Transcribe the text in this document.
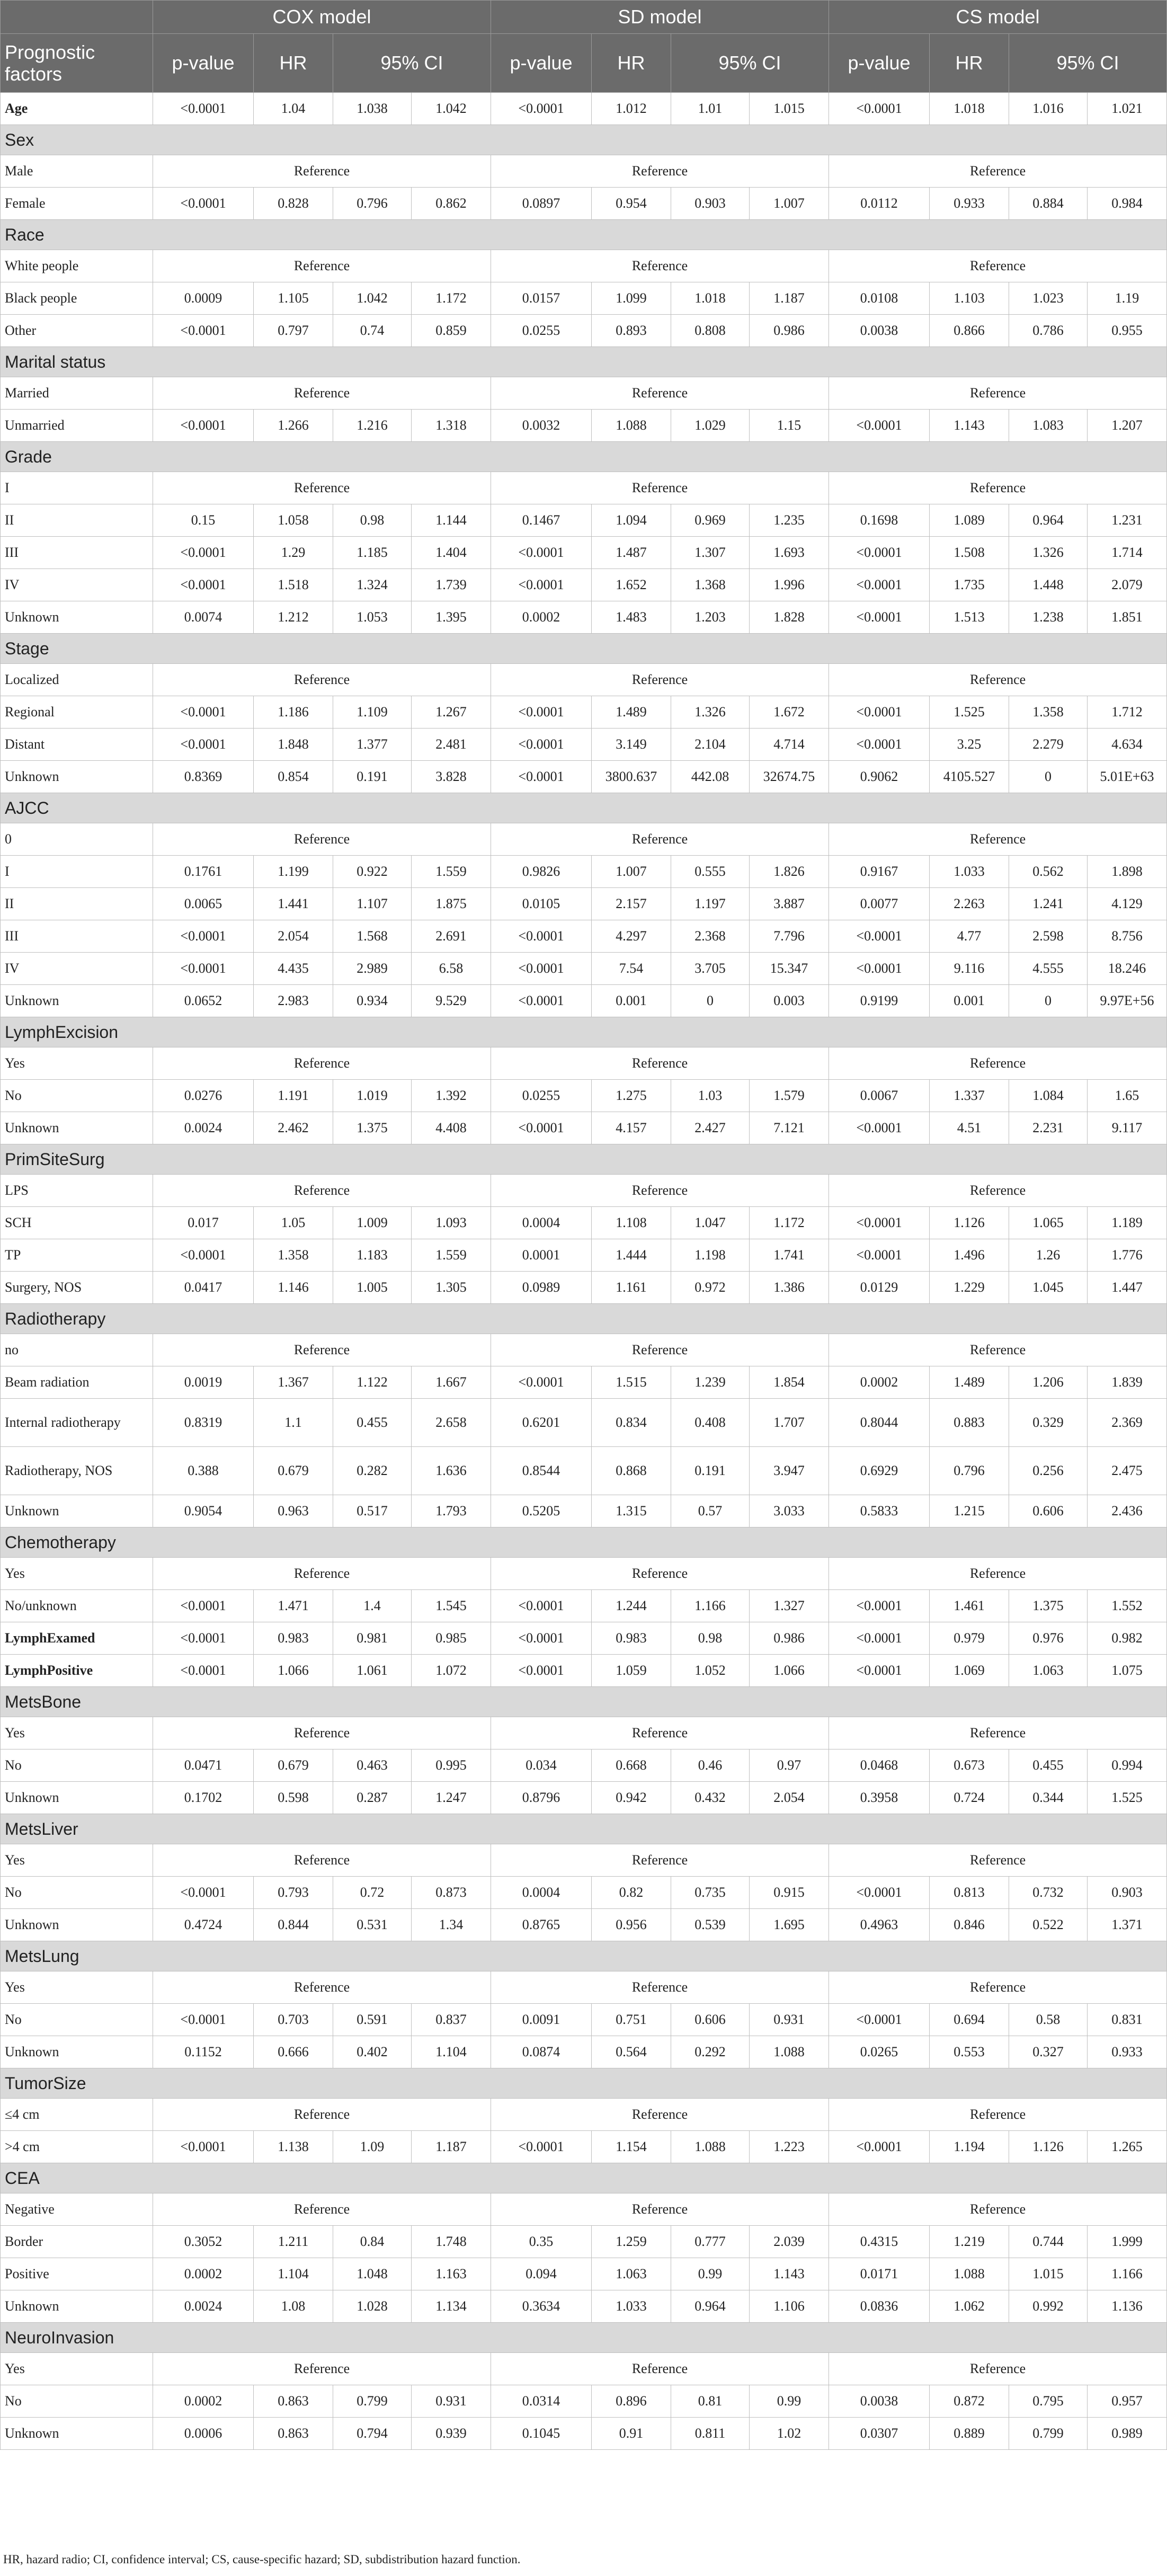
	COX model				SD model				CS model			
Prognostic factors	p-value	HR	95% CI		p-value	HR	95% CI		p-value	HR	95% CI	
Age	<0.0001	1.04	1.038	1.042	<0.0001	1.012	1.01	1.015	<0.0001	1.018	1.016	1.021
Sex												
Male	Reference				Reference				Reference			
Female	<0.0001	0.828	0.796	0.862	0.0897	0.954	0.903	1.007	0.0112	0.933	0.884	0.984
Race												
White people	Reference				Reference				Reference			
Black people	0.0009	1.105	1.042	1.172	0.0157	1.099	1.018	1.187	0.0108	1.103	1.023	1.19
Other	<0.0001	0.797	0.74	0.859	0.0255	0.893	0.808	0.986	0.0038	0.866	0.786	0.955
Marital status												
Married	Reference				Reference				Reference			
Unmarried	<0.0001	1.266	1.216	1.318	0.0032	1.088	1.029	1.15	<0.0001	1.143	1.083	1.207
Grade												
I	Reference				Reference				Reference			
II	0.15	1.058	0.98	1.144	0.1467	1.094	0.969	1.235	0.1698	1.089	0.964	1.231
III	<0.0001	1.29	1.185	1.404	<0.0001	1.487	1.307	1.693	<0.0001	1.508	1.326	1.714
IV	<0.0001	1.518	1.324	1.739	<0.0001	1.652	1.368	1.996	<0.0001	1.735	1.448	2.079
Unknown	0.0074	1.212	1.053	1.395	0.0002	1.483	1.203	1.828	<0.0001	1.513	1.238	1.851
Stage												
Localized	Reference				Reference				Reference			
Regional	<0.0001	1.186	1.109	1.267	<0.0001	1.489	1.326	1.672	<0.0001	1.525	1.358	1.712
Distant	<0.0001	1.848	1.377	2.481	<0.0001	3.149	2.104	4.714	<0.0001	3.25	2.279	4.634
Unknown	0.8369	0.854	0.191	3.828	<0.0001	3800.637	442.08	32674.75	0.9062	4105.527	0	5.01E+63
AJCC												
0	Reference				Reference				Reference			
I	0.1761	1.199	0.922	1.559	0.9826	1.007	0.555	1.826	0.9167	1.033	0.562	1.898
II	0.0065	1.441	1.107	1.875	0.0105	2.157	1.197	3.887	0.0077	2.263	1.241	4.129
III	<0.0001	2.054	1.568	2.691	<0.0001	4.297	2.368	7.796	<0.0001	4.77	2.598	8.756
IV	<0.0001	4.435	2.989	6.58	<0.0001	7.54	3.705	15.347	<0.0001	9.116	4.555	18.246
Unknown	0.0652	2.983	0.934	9.529	<0.0001	0.001	0	0.003	0.9199	0.001	0	9.97E+56
LymphExcision												
Yes	Reference				Reference				Reference			
No	0.0276	1.191	1.019	1.392	0.0255	1.275	1.03	1.579	0.0067	1.337	1.084	1.65
Unknown	0.0024	2.462	1.375	4.408	<0.0001	4.157	2.427	7.121	<0.0001	4.51	2.231	9.117
PrimSiteSurg												
LPS	Reference				Reference				Reference			
SCH	0.017	1.05	1.009	1.093	0.0004	1.108	1.047	1.172	<0.0001	1.126	1.065	1.189
TP	<0.0001	1.358	1.183	1.559	0.0001	1.444	1.198	1.741	<0.0001	1.496	1.26	1.776
Surgery, NOS	0.0417	1.146	1.005	1.305	0.0989	1.161	0.972	1.386	0.0129	1.229	1.045	1.447
Radiotherapy												
no	Reference				Reference				Reference			
Beam radiation	0.0019	1.367	1.122	1.667	<0.0001	1.515	1.239	1.854	0.0002	1.489	1.206	1.839
Internal radiotherapy	0.8319	1.1	0.455	2.658	0.6201	0.834	0.408	1.707	0.8044	0.883	0.329	2.369
Radiotherapy, NOS	0.388	0.679	0.282	1.636	0.8544	0.868	0.191	3.947	0.6929	0.796	0.256	2.475
Unknown	0.9054	0.963	0.517	1.793	0.5205	1.315	0.57	3.033	0.5833	1.215	0.606	2.436
Chemotherapy												
Yes	Reference				Reference				Reference			
No/unknown	<0.0001	1.471	1.4	1.545	<0.0001	1.244	1.166	1.327	<0.0001	1.461	1.375	1.552
LymphExamed	<0.0001	0.983	0.981	0.985	<0.0001	0.983	0.98	0.986	<0.0001	0.979	0.976	0.982
LymphPositive	<0.0001	1.066	1.061	1.072	<0.0001	1.059	1.052	1.066	<0.0001	1.069	1.063	1.075
MetsBone												
Yes	Reference				Reference				Reference			
No	0.0471	0.679	0.463	0.995	0.034	0.668	0.46	0.97	0.0468	0.673	0.455	0.994
Unknown	0.1702	0.598	0.287	1.247	0.8796	0.942	0.432	2.054	0.3958	0.724	0.344	1.525
MetsLiver												
Yes	Reference				Reference				Reference			
No	<0.0001	0.793	0.72	0.873	0.0004	0.82	0.735	0.915	<0.0001	0.813	0.732	0.903
Unknown	0.4724	0.844	0.531	1.34	0.8765	0.956	0.539	1.695	0.4963	0.846	0.522	1.371
MetsLung												
Yes	Reference				Reference				Reference			
No	<0.0001	0.703	0.591	0.837	0.0091	0.751	0.606	0.931	<0.0001	0.694	0.58	0.831
Unknown	0.1152	0.666	0.402	1.104	0.0874	0.564	0.292	1.088	0.0265	0.553	0.327	0.933
TumorSize												
≤4 cm	Reference				Reference				Reference			
>4 cm	<0.0001	1.138	1.09	1.187	<0.0001	1.154	1.088	1.223	<0.0001	1.194	1.126	1.265
CEA												
Negative	Reference				Reference				Reference			
Border	0.3052	1.211	0.84	1.748	0.35	1.259	0.777	2.039	0.4315	1.219	0.744	1.999
Positive	0.0002	1.104	1.048	1.163	0.094	1.063	0.99	1.143	0.0171	1.088	1.015	1.166
Unknown	0.0024	1.08	1.028	1.134	0.3634	1.033	0.964	1.106	0.0836	1.062	0.992	1.136
NeuroInvasion												
Yes	Reference				Reference				Reference			
No	0.0002	0.863	0.799	0.931	0.0314	0.896	0.81	0.99	0.0038	0.872	0.795	0.957
Unknown	0.0006	0.863	0.794	0.939	0.1045	0.91	0.811	1.02	0.0307	0.889	0.799	0.989
HR, hazard radio; CI, confidence interval; CS, cause-specific hazard; SD, subdistribution hazard function.
